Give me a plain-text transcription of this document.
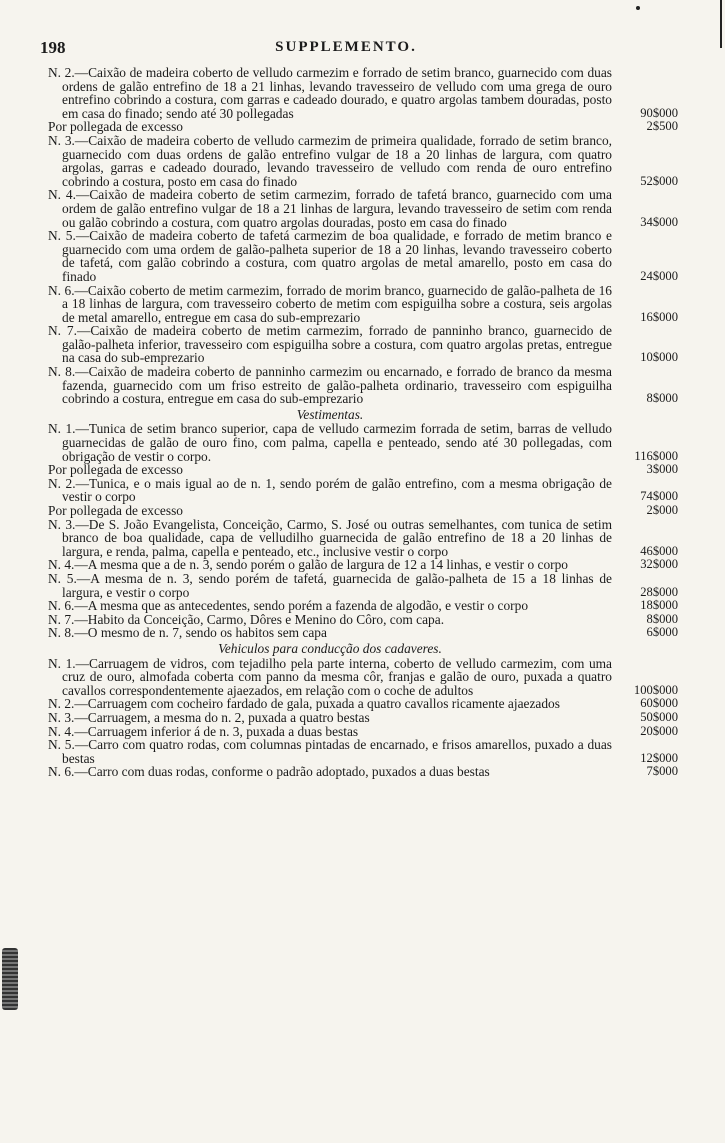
198	SUPPLEMENTO.

N. 2.—Caixão de madeira coberto de velludo carmezim e forrado de setim branco, guarnecido com duas ordens de galão entrefino de 18 a 21 linhas, levando travesseiro de velludo com uma grega de ouro entrefino cobrindo a costura, com garras e cadeado dourado, e quatro argolas tambem douradas, posto em casa do finado; sendo até 30 pollegadas	90$000

Por pollegada de excesso	2$500

N. 3.—Caixão de madeira coberto de velludo carmezim de primeira qualidade, forrado de setim branco, guarnecido com duas ordens de galão entrefino vulgar de 18 a 20 linhas de largura, com quatro argolas, garras e cadeado dourado, levando travesseiro de velludo com renda de ouro entrefino cobrindo a costura, posto em casa do finado	52$000

N. 4.—Caixão de madeira coberto de setim carmezim, forrado de tafetá branco, guarnecido com uma ordem de galão entrefino vulgar de 18 a 21 linhas de largura, levando travesseiro de setim com renda ou galão cobrindo a costura, com quatro argolas douradas, posto em casa do finado	34$000

N. 5.—Caixão de madeira coberto de tafetá carmezim de boa qualidade, e forrado de metim branco e guarnecido com uma ordem de galão-palheta superior de 18 a 20 linhas, levando travesseiro coberto de tafetá, com galão cobrindo a costura, com quatro argolas de metal amarello, posto em casa do finado	24$000

N. 6.—Caixão coberto de metim carmezim, forrado de morim branco, guarnecido de galão-palheta de 16 a 18 linhas de largura, com travesseiro coberto de metim com espiguilha sobre a costura, seis argolas de metal amarello, entregue em casa do sub-emprezario	16$000

N. 7.—Caixão de madeira coberto de metim carmezim, forrado de panninho branco, guarnecido de galão-palheta inferior, travesseiro com espiguilha sobre a costura, com quatro argolas pretas, entregue na casa do sub-emprezario	10$000

N. 8.—Caixão de madeira coberto de panninho carmezim ou encarnado, e forrado de branco da mesma fazenda, guarnecido com um friso estreito de galão-palheta ordinario, travesseiro com espiguilha cobrindo a costura, entregue em casa do sub-emprezario	8$000

Vestimentas.

N. 1.—Tunica de setim branco superior, capa de velludo carmezim forrada de setim, barras de velludo guarnecidas de galão de ouro fino, com palma, capella e penteado, sendo até 30 pollegadas, com obrigação de vestir o corpo.	116$000

Por pollegada de excesso	3$000

N. 2.—Tunica, e o mais igual ao de n. 1, sendo porém de galão entrefino, com a mesma obrigação de vestir o corpo	74$000

Por pollegada de excesso	2$000

N. 3.—De S. João Evangelista, Conceição, Carmo, S. José ou outras semelhantes, com tunica de setim branco de boa qualidade, capa de velludilho guarnecida de galão entrefino de 18 a 20 linhas de largura, e renda, palma, capella e penteado, etc., inclusive vestir o corpo	46$000

N. 4.—A mesma que a de n. 3, sendo porém o galão de largura de 12 a 14 linhas, e vestir o corpo	32$000

N. 5.—A mesma de n. 3, sendo porém de tafetá, guarnecida de galão-palheta de 15 a 18 linhas de largura, e vestir o corpo	28$000

N. 6.—A mesma que as antecedentes, sendo porém a fazenda de algodão, e vestir o corpo	18$000

N. 7.—Habito da Conceição, Carmo, Dôres e Menino do Côro, com capa.	8$000

N. 8.—O mesmo de n. 7, sendo os habitos sem capa	6$000

Vehiculos para conducção dos cadaveres.

N. 1.—Carruagem de vidros, com tejadilho pela parte interna, coberto de velludo carmezim, com uma cruz de ouro, almofada coberta com panno da mesma côr, franjas e galão de ouro, puxada a quatro cavallos correspondentemente ajaezados, em relação com o coche de adultos	100$000

N. 2.—Carruagem com cocheiro fardado de gala, puxada a quatro cavallos ricamente ajaezados	60$000

N. 3.—Carruagem, a mesma do n. 2, puxada a quatro bestas	50$000

N. 4.—Carruagem inferior á de n. 3, puxada a duas bestas	20$000

N. 5.—Carro com quatro rodas, com columnas pintadas de encarnado, e frisos amarellos, puxado a duas bestas	12$000

N. 6.—Carro com duas rodas, conforme o padrão adoptado, puxados a duas bestas	7$000
